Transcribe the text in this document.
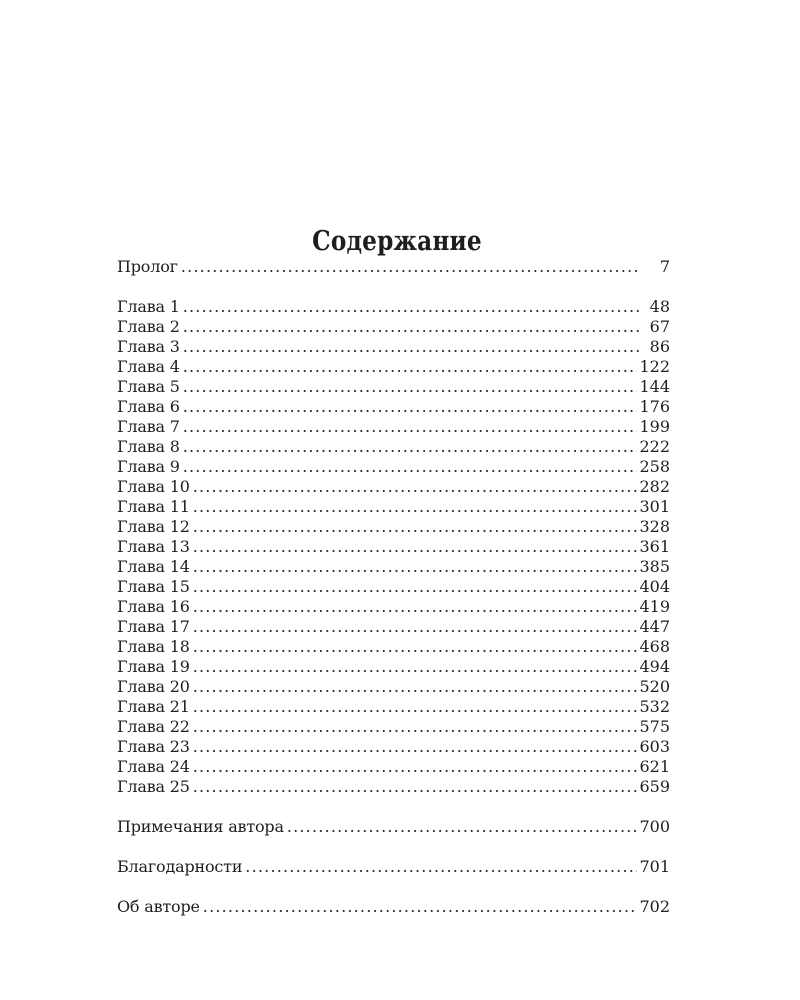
Содержание
Пролог .....	7
Глава 1 .....	48
Глава 2 .....	67
Глава 3 .....	86
Глава 4 .....	122
Глава 5 .....	144
Глава 6 .....	176
Глава 7 .....	199
Глава 8 .....	222
Глава 9 .....	258
Глава 10 .....	282
Глава 11 .....	301
Глава 12 .....	328
Глава 13 .....	361
Глава 14 .....	385
Глава 15 .....	404
Глава 16 .....	419
Глава 17 .....	447
Глава 18 .....	468
Глава 19 .....	494
Глава 20 .....	520
Глава 21 .....	532
Глава 22 .....	575
Глава 23 .....	603
Глава 24 .....	621
Глава 25 .....	659
Примечания автора .....	700
Благодарности .....	701
Об авторе .....	702
